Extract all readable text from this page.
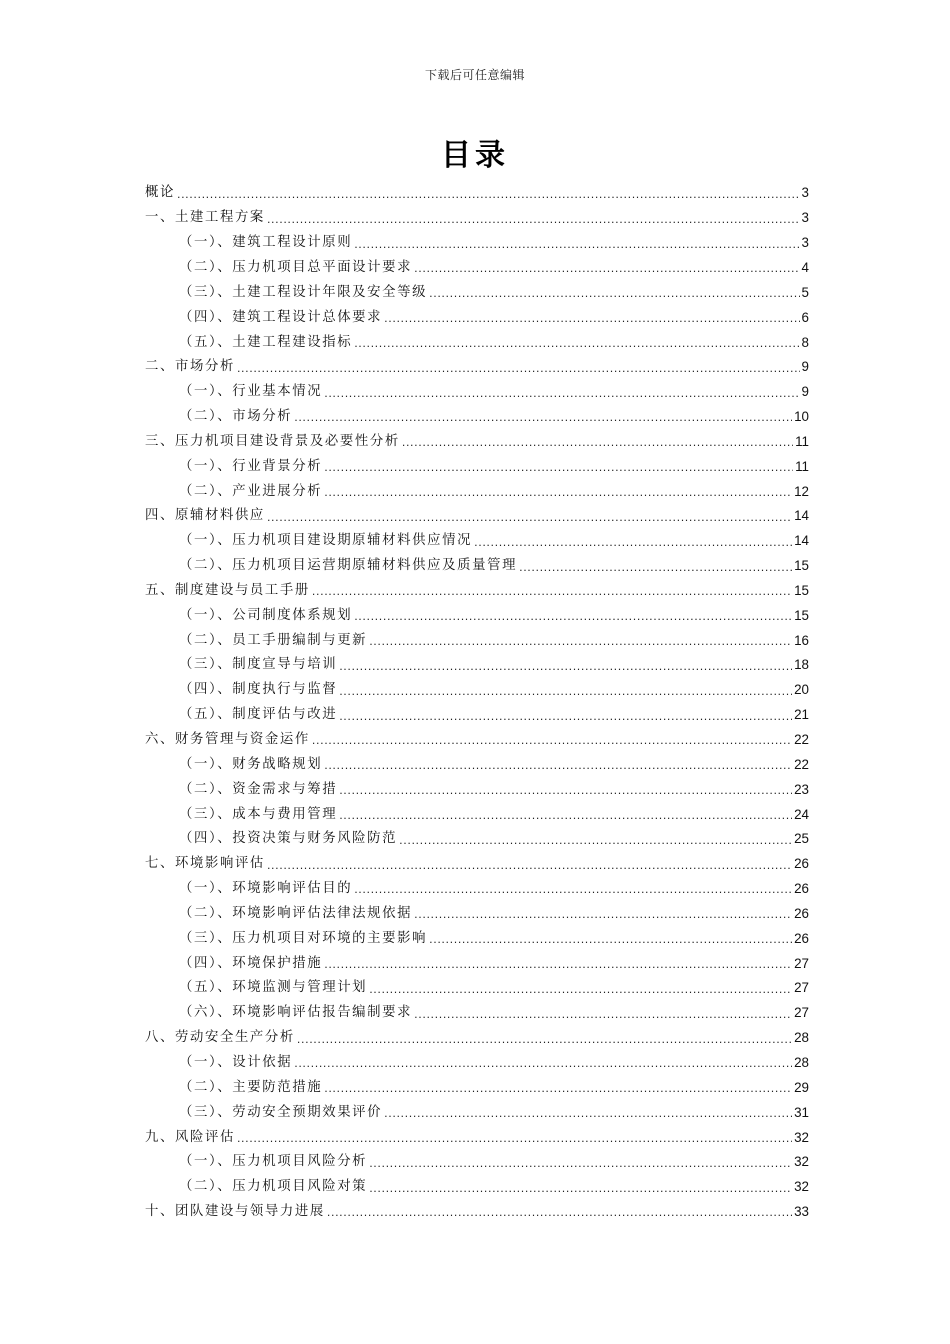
下载后可任意编辑
目录
概论 .....	3
一、土建工程方案 .....	3
（一）、建筑工程设计原则 .....	3
（二）、压力机项目总平面设计要求 .....	4
（三）、土建工程设计年限及安全等级 .....	5
（四）、建筑工程设计总体要求 .....	6
（五）、土建工程建设指标 .....	8
二、市场分析 .....	9
（一）、行业基本情况 .....	9
（二）、市场分析 .....	10
三、压力机项目建设背景及必要性分析 .....	11
（一）、行业背景分析 .....	11
（二）、产业进展分析 .....	12
四、原辅材料供应 .....	14
（一）、压力机项目建设期原辅材料供应情况 .....	14
（二）、压力机项目运营期原辅材料供应及质量管理 .....	15
五、制度建设与员工手册 .....	15
（一）、公司制度体系规划 .....	15
（二）、员工手册编制与更新 .....	16
（三）、制度宣导与培训 .....	18
（四）、制度执行与监督 .....	20
（五）、制度评估与改进 .....	21
六、财务管理与资金运作 .....	22
（一）、财务战略规划 .....	22
（二）、资金需求与筹措 .....	23
（三）、成本与费用管理 .....	24
（四）、投资决策与财务风险防范 .....	25
七、环境影响评估 .....	26
（一）、环境影响评估目的 .....	26
（二）、环境影响评估法律法规依据 .....	26
（三）、压力机项目对环境的主要影响 .....	26
（四）、环境保护措施 .....	27
（五）、环境监测与管理计划 .....	27
（六）、环境影响评估报告编制要求 .....	27
八、劳动安全生产分析 .....	28
（一）、设计依据 .....	28
（二）、主要防范措施 .....	29
（三）、劳动安全预期效果评价 .....	31
九、风险评估 .....	32
（一）、压力机项目风险分析 .....	32
（二）、压力机项目风险对策 .....	32
十、团队建设与领导力进展 .....	33
